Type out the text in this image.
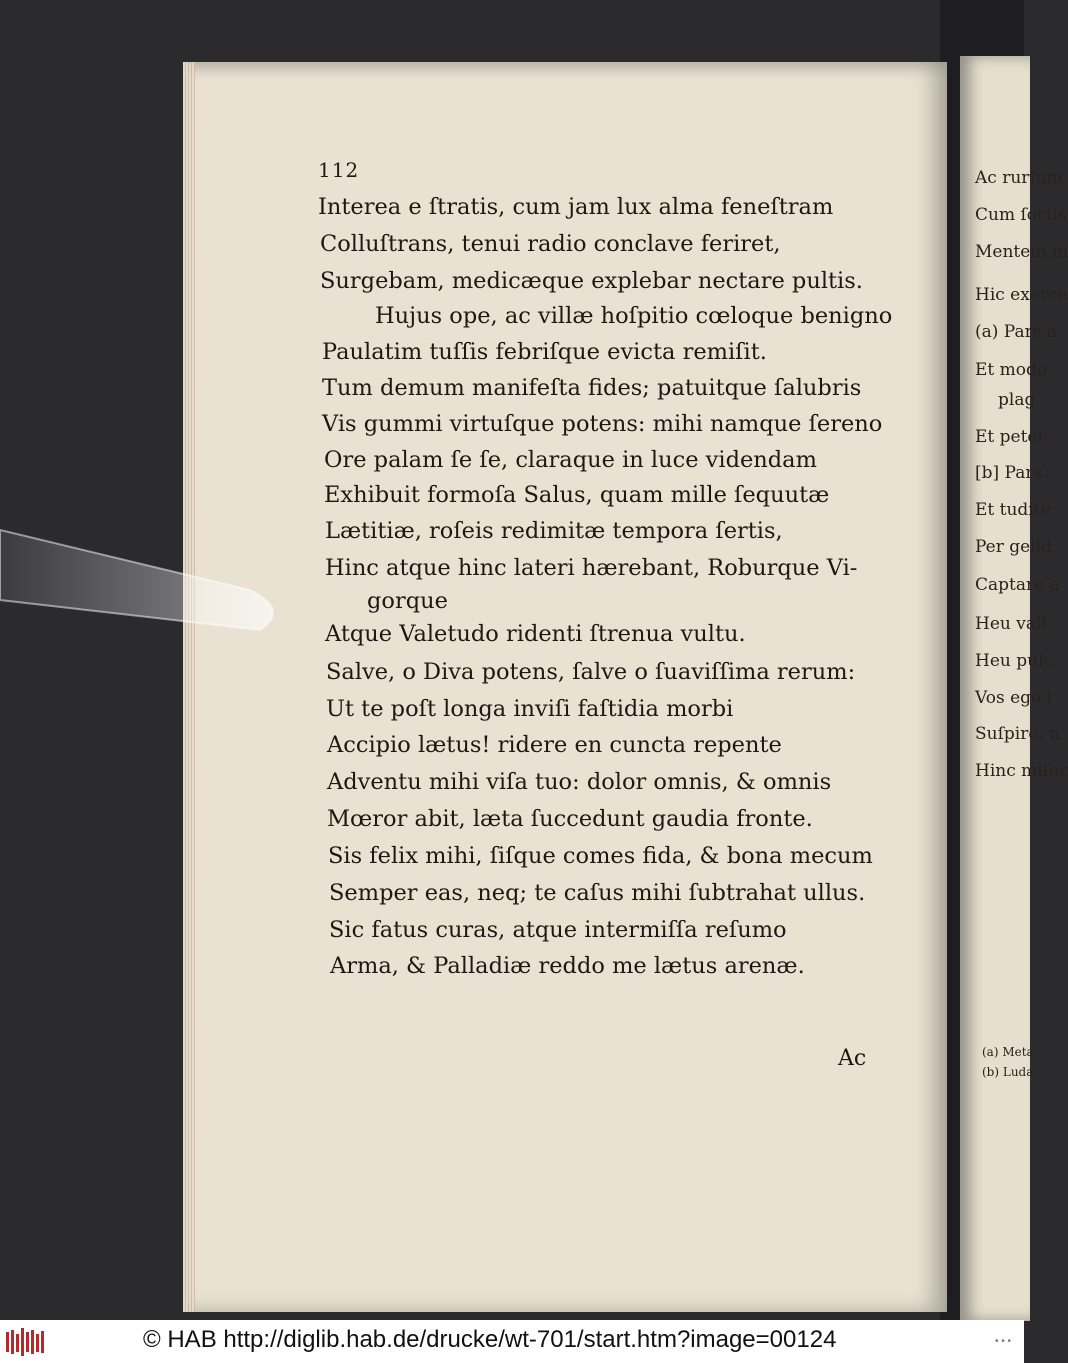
112
Interea e ſtratis, cum jam lux alma feneſtram
Colluſtrans, tenui radio conclave feriret,
Surgebam, medicæque explebar nectare pultis.
Hujus ope, ac villæ hoſpitio cœloque benigno
Paulatim tuſſis febriſque evicta remiſit.
Tum demum manifeſta fides; patuitque ſalubris
Vis gummi virtuſque potens: mihi namque ſereno
Ore palam ſe ſe, claraque in luce videndam
Exhibuit formoſa Salus, quam mille ſequutæ
Lætitiæ, roſeis redimitæ tempora ſertis,
Hinc atque hinc lateri hærebant, Roburque Vi-
gorque
Atque Valetudo ridenti ſtrenua vultu.
Salve, o Diva potens, ſalve o ſuaviſſima rerum:
Ut te poſt longa inviſi faſtidia morbi
Accipio lætus! ridere en cuncta repente
Adventu mihi viſa tuo: dolor omnis, & omnis
Mœror abit, læta ſuccedunt gaudia fronte.
Sis felix mihi, ſiſque comes fida, & bona mecum
Semper eas, neq; te caſus mihi ſubtrahat ullus.
Sic fatus curas, atque intermiſſa reſumo
Arma, & Palladiæ reddo me lætus arenæ.
Ac
Ac rurſum
Cum ſociis
Mentem in
Hic exerce
(a) Pars a
Et modo
plag
Et peter
[b] Pars
Et tudite
Per gelid
Captare a
Heu vall
Heu pulc
Vos ego l
Suſpiro, a
Hinc miſer
(a) Meta
(b) Luda
© HAB http://diglib.hab.de/drucke/wt-701/start.htm?image=00124	• • •
